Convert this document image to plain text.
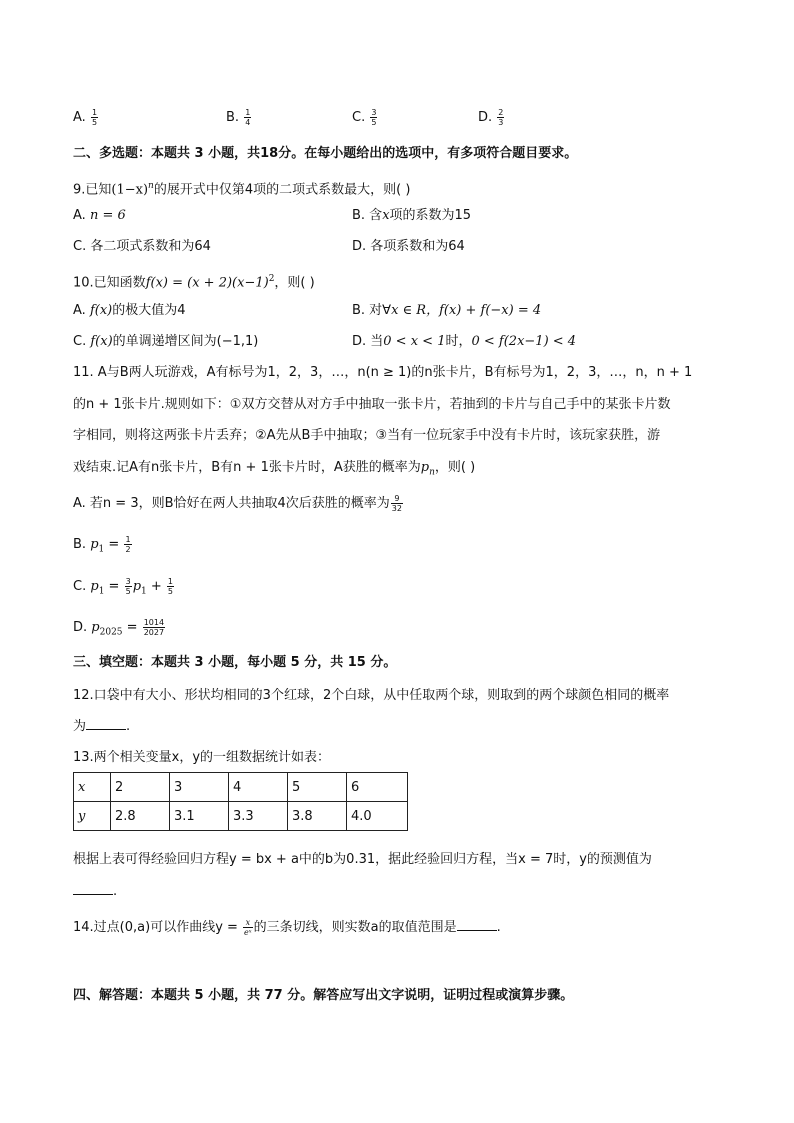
A. $\frac{1}{5}$	B. $\frac{1}{4}$	C. $\frac{3}{5}$	D. $\frac{2}{3}$
二、多选题：本题共 3 小题，共18分。在每小题给出的选项中，有多项符合题目要求。
9.已知$(1-x)^n$的展开式中仅第4项的二项式系数最大，则( )
A. n = 6	B. 含x项的系数为15
C. 各二项式系数和为64	D. 各项系数和为64
10.已知函数$f(x) = (x + 2)(x-1)^2$，则( )
A. f(x)的极大值为4	B. 对∀x ∈ R，f(x) + f(−x) = 4
C. f(x)的单调递增区间为(−1,1)	D. 当0 < x < 1时，0 < f(2x−1) < 4
11. A与B两人玩游戏，A有标号为1，2，3，…，n(n ≥ 1)的n张卡片，B有标号为1，2，3，…，n，n + 1
的n + 1张卡片.规则如下：①双方交替从对方手中抽取一张卡片，若抽到的卡片与自己手中的某张卡片数
字相同，则将这两张卡片丢弃；②A先从B手中抽取；③当有一位玩家手中没有卡片时，该玩家获胜，游
戏结束.记A有n张卡片，B有n + 1张卡片时，A获胜的概率为$p_n$，则( )
A. 若n = 3，则B恰好在两人共抽取4次后获胜的概率为 $\frac{9}{32}$
B. $p_1 = \frac{1}{2}$
C. $p_1 = \frac{3}{5} p_1 + \frac{1}{5}$
D. $p_{2025} = \frac{1014}{2027}$
三、填空题：本题共 3 小题，每小题 5 分，共 15 分。
12.口袋中有大小、形状均相同的3个红球，2个白球，从中任取两个球，则取到的两个球颜色相同的概率
为	.
13.两个相关变量x，y的一组数据统计如表：
x	2	3	4	5	6
y	2.8	3.1	3.3	3.8	4.0
根据上表可得经验回归方程y = bx + a中的b为0.31，据此经验回归方程，当x = 7时，y的预测值为
.
14.过点(0,a)可以作曲线$y = \frac{x}{\text{eˣ}}$ 的三条切线，则实数a的取值范围是	.
四、解答题：本题共 5 小题，共 77 分。解答应写出文字说明，证明过程或演算步骤。
